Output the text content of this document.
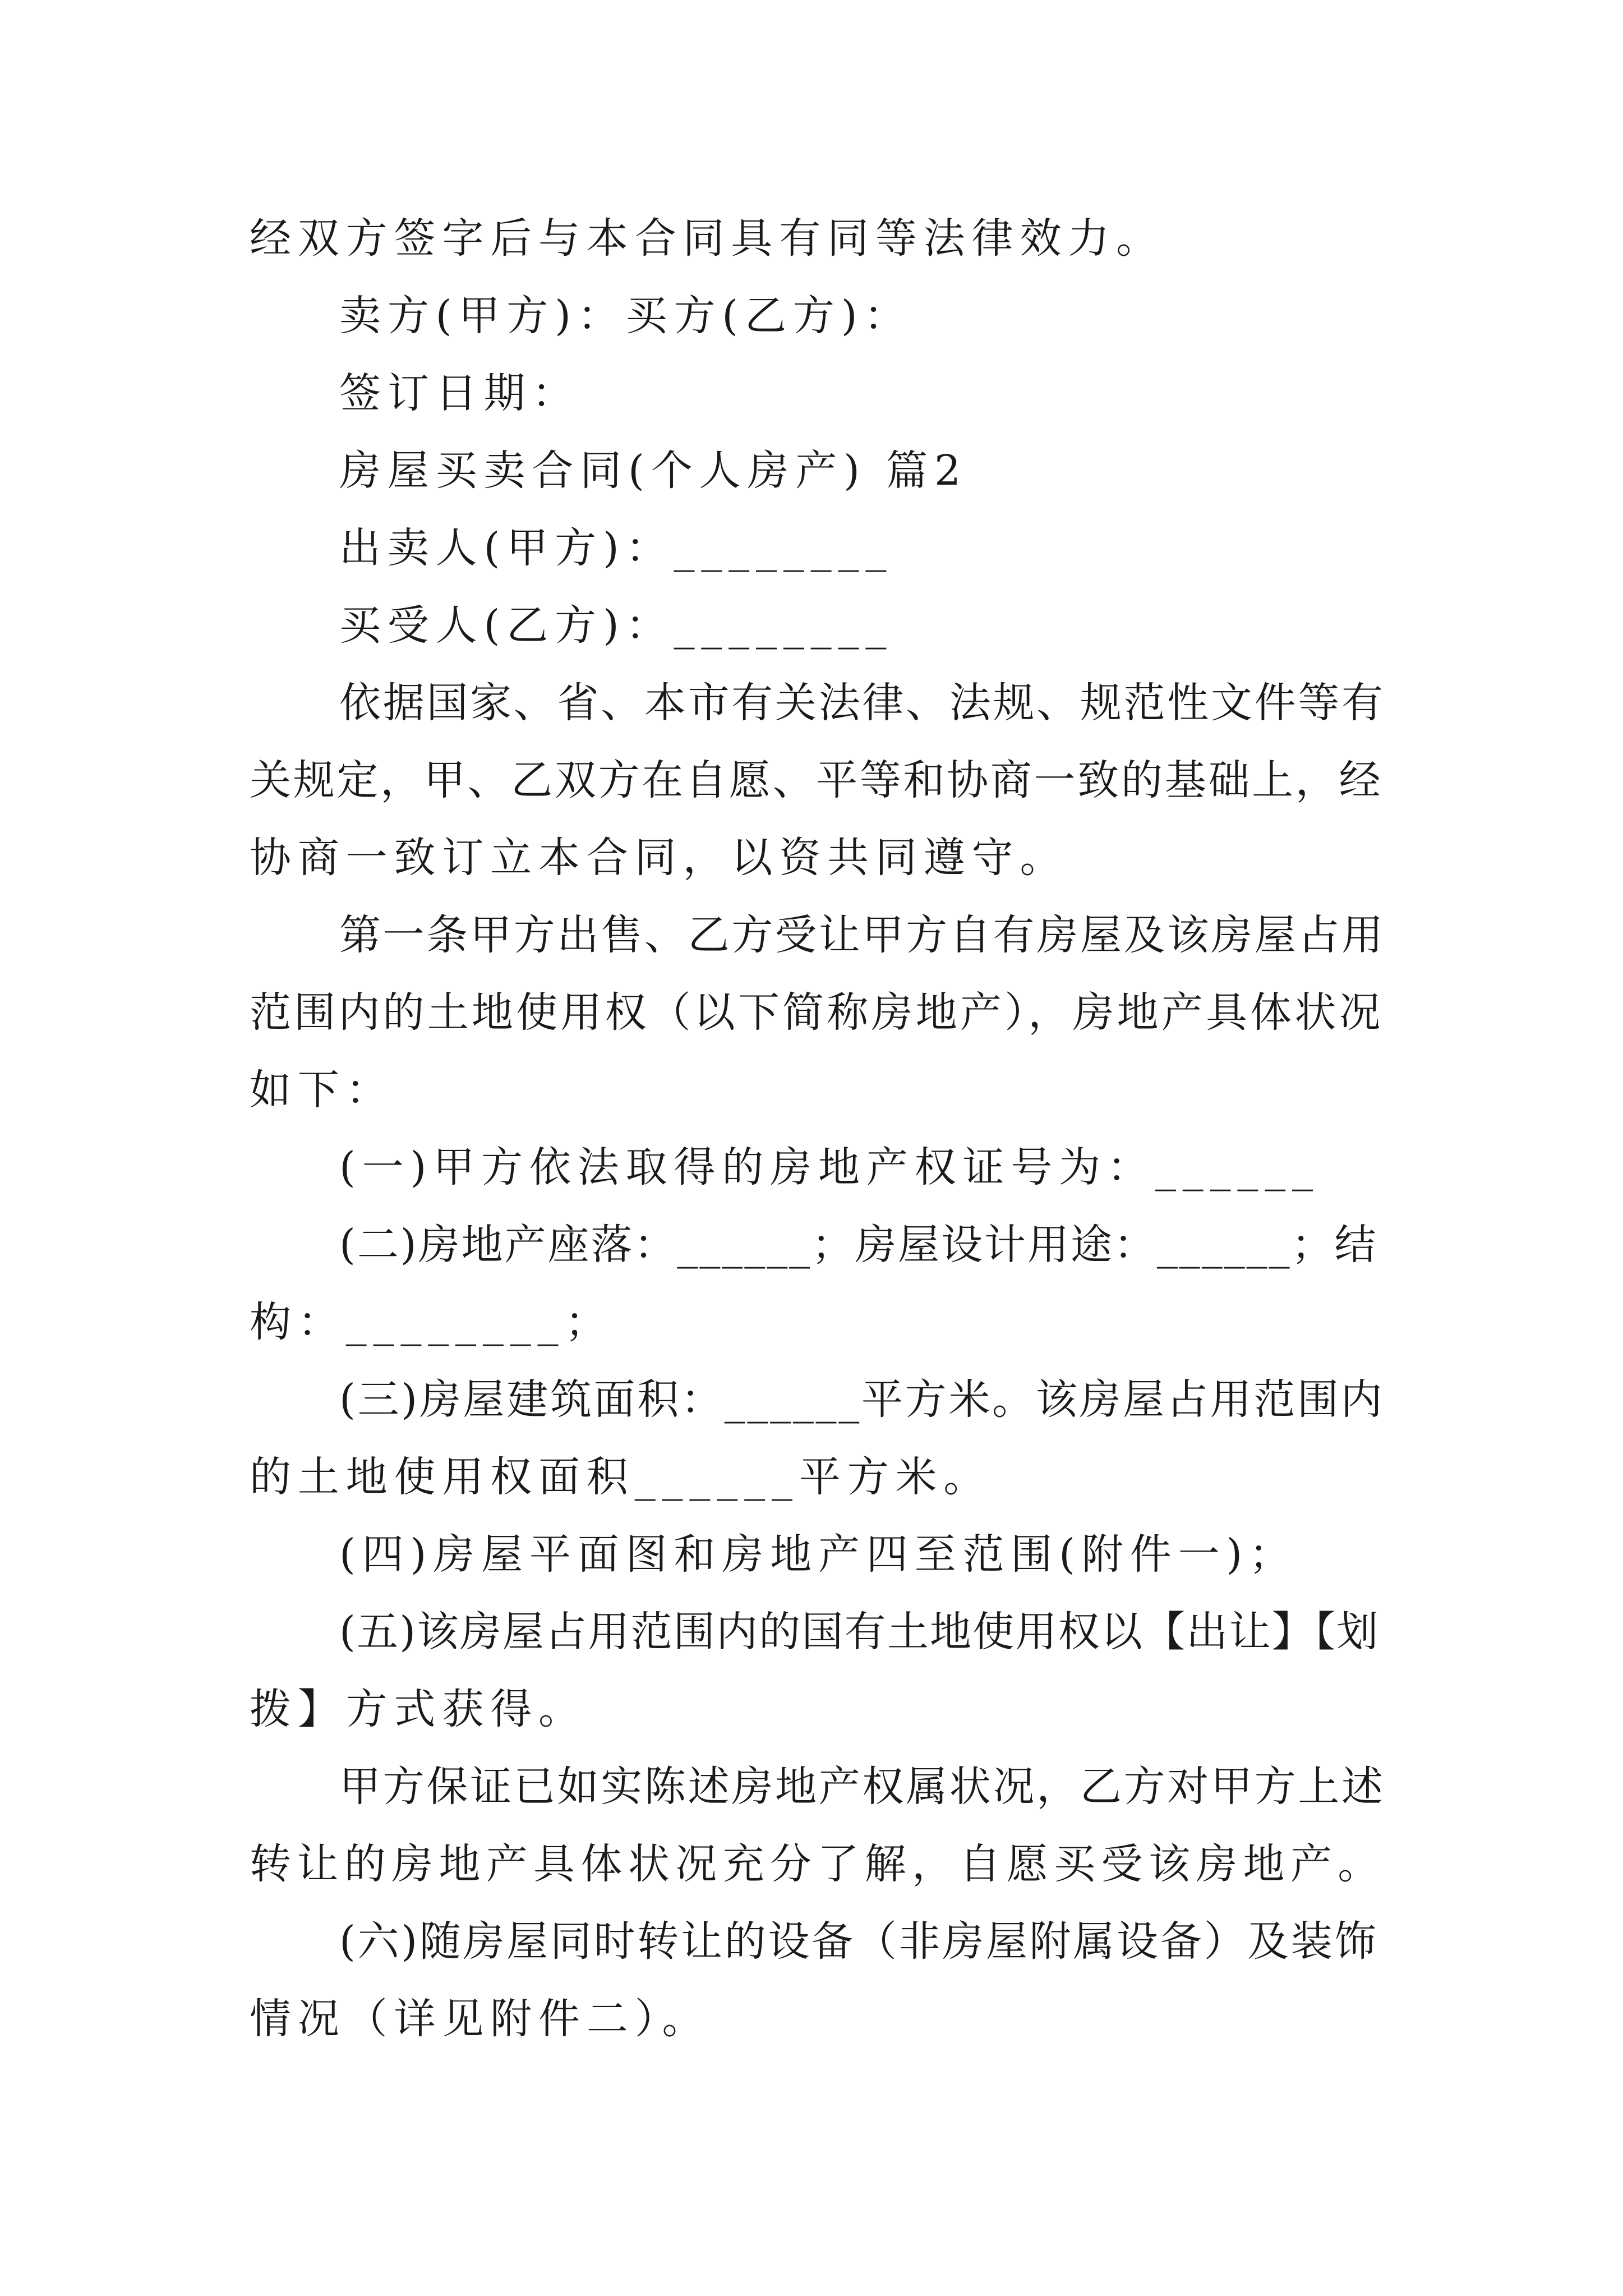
经双方签字后与本合同具有同等法律效力。
卖方(甲方)：买方(乙方)：
签订日期：
房屋买卖合同(个人房产) 篇2
出卖人(甲方)：________
买受人(乙方)：________
依据国家、省、本市有关法律、法规、规范性文件等有
关规定，甲、乙双方在自愿、平等和协商一致的基础上，经
协商一致订立本合同，以资共同遵守。
第一条甲方出售、乙方受让甲方自有房屋及该房屋占用
范围内的土地使用权（以下简称房地产），房地产具体状况
如下：
(一)甲方依法取得的房地产权证号为：______
(二)房地产座落：______；房屋设计用途：______；结
构：________；
(三)房屋建筑面积：______平方米。该房屋占用范围内
的土地使用权面积______平方米。
(四)房屋平面图和房地产四至范围(附件一)；
(五)该房屋占用范围内的国有土地使用权以【出让】【划
拨】方式获得。
甲方保证已如实陈述房地产权属状况，乙方对甲方上述
转让的房地产具体状况充分了解，自愿买受该房地产。
(六)随房屋同时转让的设备（非房屋附属设备）及装饰
情况（详见附件二）。
